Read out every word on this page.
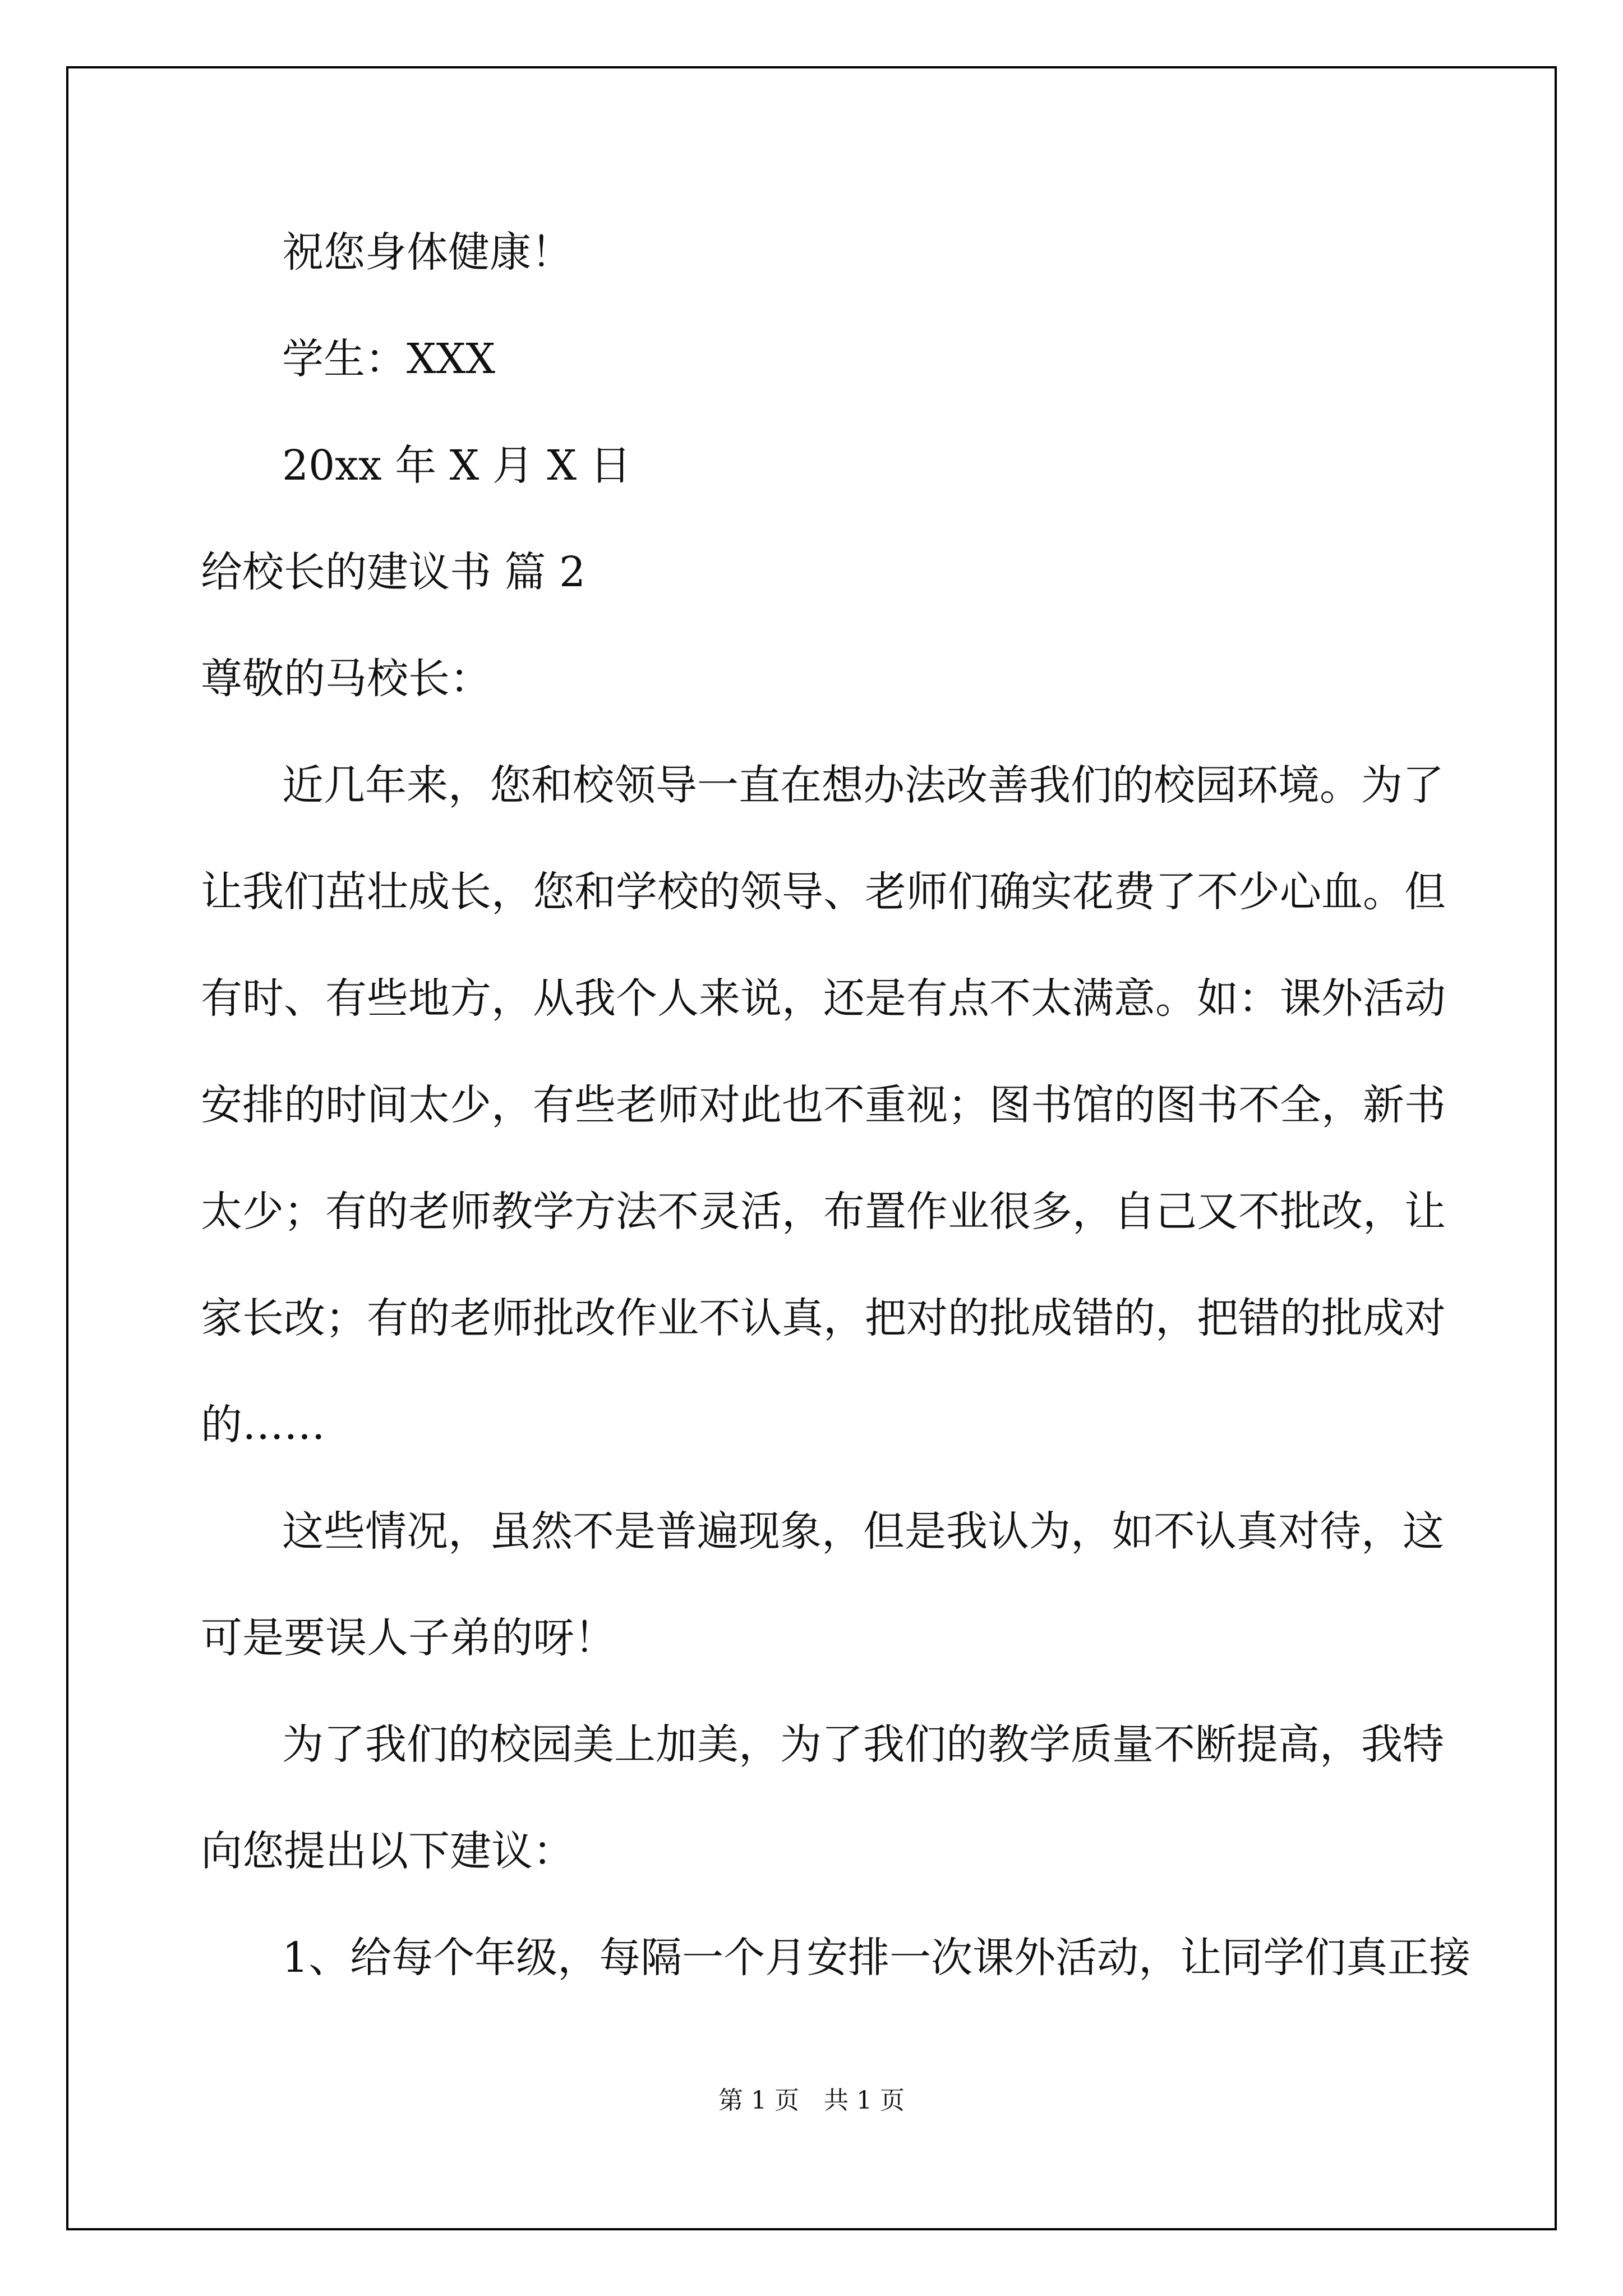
祝您身体健康！
学生：XXX
20xx 年 X 月 X 日
给校长的建议书 篇 2
尊敬的马校长：
近几年来，您和校领导一直在想办法改善我们的校园环境。为了
让我们茁壮成长，您和学校的领导、老师们确实花费了不少心血。但
有时、有些地方，从我个人来说，还是有点不太满意。如：课外活动
安排的时间太少，有些老师对此也不重视；图书馆的图书不全，新书
太少；有的老师教学方法不灵活，布置作业很多，自己又不批改，让
家长改；有的老师批改作业不认真，把对的批成错的，把错的批成对
的……
这些情况，虽然不是普遍现象，但是我认为，如不认真对待，这
可是要误人子弟的呀！
为了我们的校园美上加美，为了我们的教学质量不断提高，我特
向您提出以下建议：
1、给每个年级，每隔一个月安排一次课外活动，让同学们真正接
第 1 页　共 1 页
